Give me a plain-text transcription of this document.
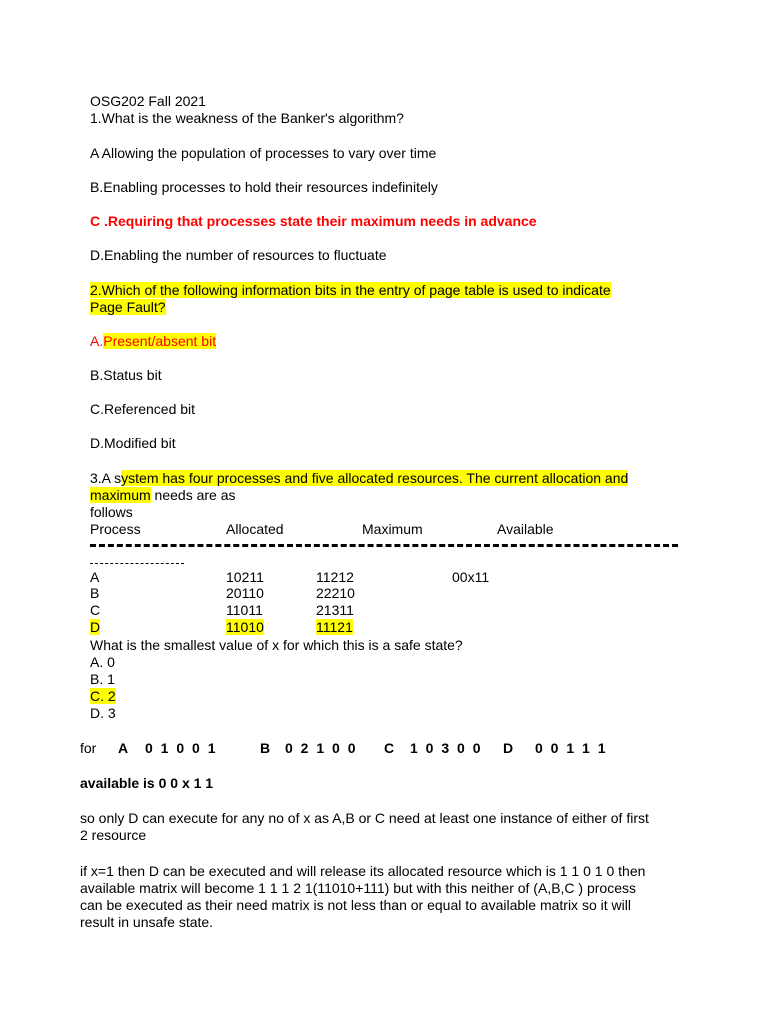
OSG202 Fall 2021
1.What is the weakness of the Banker's algorithm?
A Allowing the population of processes to vary over time
B.Enabling processes to hold their resources indefinitely
C .Requiring that processes state their maximum needs in advance
D.Enabling the number of resources to fluctuate
2.Which of the following information bits in the entry of page table is used to indicate
Page Fault?
A.Present/absent bit
B.Status bit
C.Referenced bit
D.Modified bit
3.A system has four processes and five allocated resources. The current allocation and
maximum needs are as
follows
Process	Allocated	Maximum	Available
A	10211	11212	00x11
B	20110	22210
C	11011	21311
D	11010	11121
What is the smallest value of x for which this is a safe state?
A. 0
B. 1
C. 2
D. 3
for A 0 1 0 0 1	B 0 2 1 0 0 C 1 0 3 0 0 D 0 0 1 1 1
available is 0 0 x 1 1
so only D can execute for any no of x as A,B or C need at least one instance of either of first
2 resource
if x=1 then D can be executed and will release its allocated resource which is 1 1 0 1 0 then
available matrix will become 1 1 1 2 1(11010+111) but with this neither of (A,B,C ) process
can be executed as their need matrix is not less than or equal to available matrix so it will
result in unsafe state.
